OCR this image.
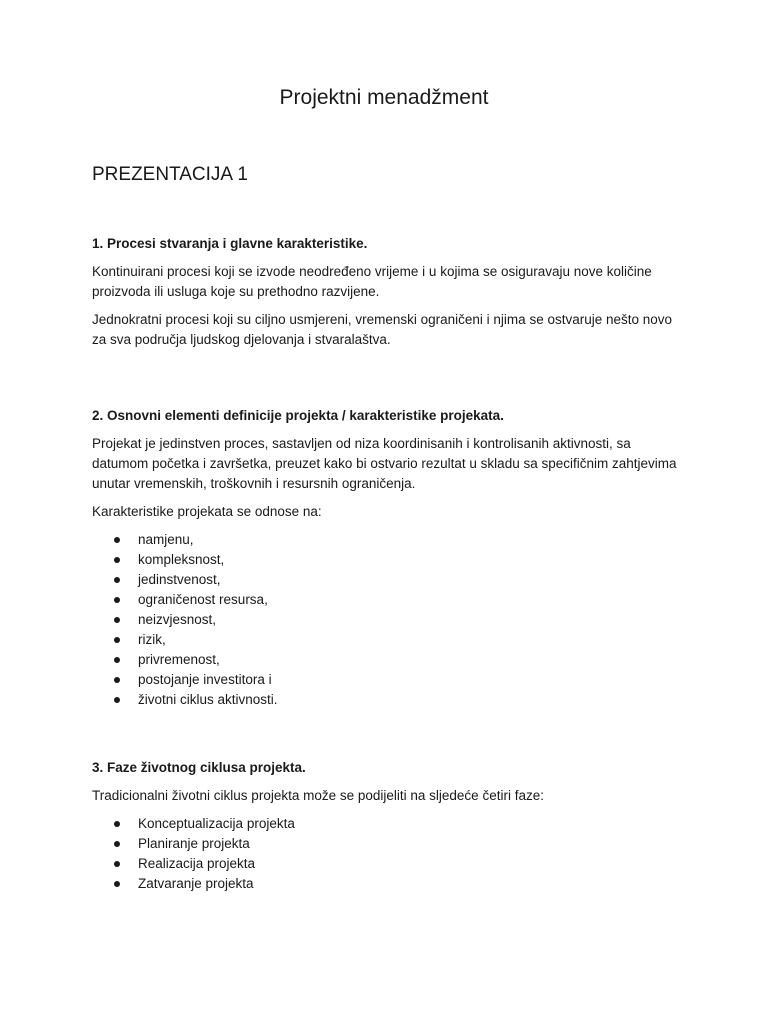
Projektni menadžment
PREZENTACIJA 1
1. Procesi stvaranja i glavne karakteristike.

Kontinuirani procesi koji se izvode neodređeno vrijeme i u kojima se osiguravaju nove količine proizvoda ili usluga koje su prethodno razvijene.

Jednokratni procesi koji su ciljno usmjereni, vremenski ograničeni i njima se ostvaruje nešto novo za sva područja ljudskog djelovanja i stvaralaštva.

2. Osnovni elementi definicije projekta / karakteristike projekata.

Projekat je jedinstven proces, sastavljen od niza koordinisanih i kontrolisanih aktivnosti, sa datumom početka i završetka, preuzet kako bi ostvario rezultat u skladu sa specifičnim zahtjevima unutar vremenskih, troškovnih i resursnih ograničenja.

Karakteristike projekata se odnose na:

namjenu,
kompleksnost,
jedinstvenost,
ograničenost resursa,
neizvjesnost,
rizik,
privremenost,
postojanje investitora i
životni ciklus aktivnosti.
3. Faze životnog ciklusa projekta.

Tradicionalni životni ciklus projekta može se podijeliti na sljedeće četiri faze:

Konceptualizacija projekta
Planiranje projekta
Realizacija projekta
Zatvaranje projekta
